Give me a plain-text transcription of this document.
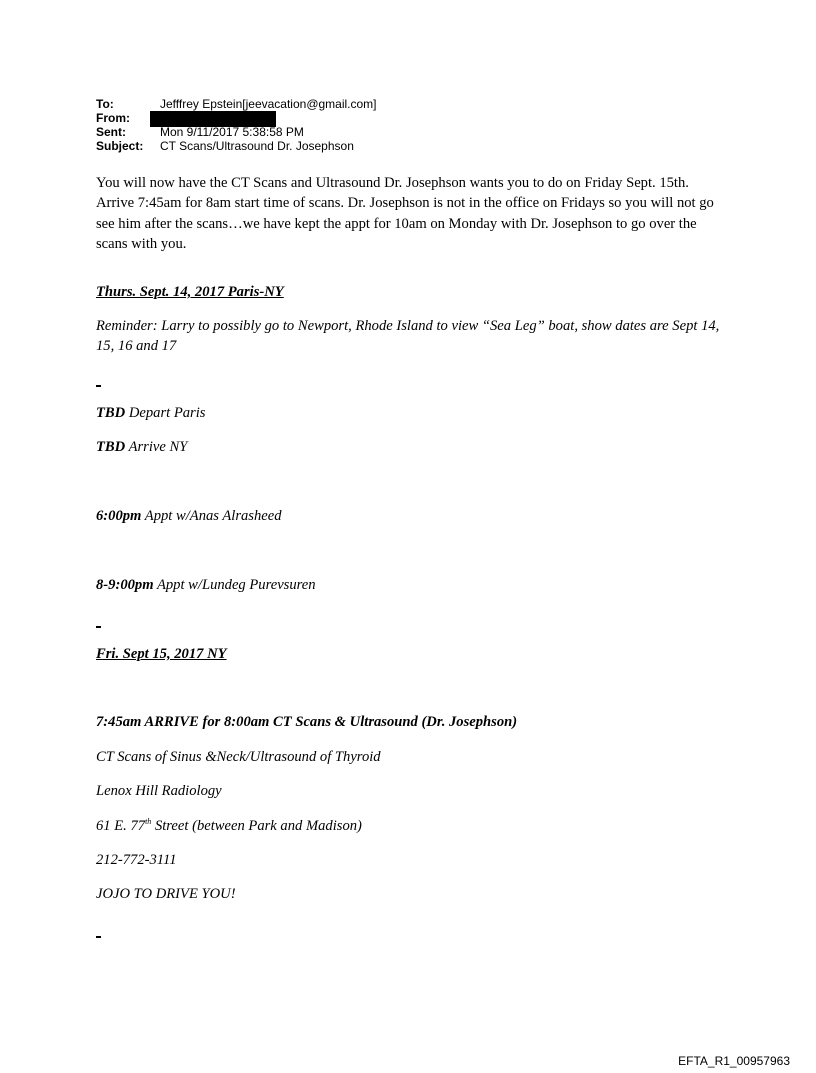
To:	Jefffrey Epstein[jeevacation@gmail.com]
From:
Sent:	Mon 9/11/2017 5:38:58 PM
Subject:	CT Scans/Ultrasound Dr. Josephson
You will now have the CT Scans and Ultrasound Dr. Josephson wants you to do on Friday Sept. 15th. Arrive 7:45am for 8am start time of scans. Dr. Josephson is not in the office on Fridays so you will not go see him after the scans…we have kept the appt for 10am on Monday with Dr. Josephson to go over the scans with you.
Thurs. Sept. 14, 2017 Paris-NY
Reminder: Larry to possibly go to Newport, Rhode Island to view “Sea Leg” boat, show dates are Sept 14, 15, 16 and 17
TBD Depart Paris
TBD Arrive NY
6:00pm Appt w/Anas Alrasheed
8-9:00pm Appt w/Lundeg Purevsuren
Fri. Sept 15, 2017 NY
7:45am ARRIVE for 8:00am CT Scans & Ultrasound (Dr. Josephson)
CT Scans of Sinus &Neck/Ultrasound of Thyroid
Lenox Hill Radiology
61 E. 77th Street (between Park and Madison)
212-772-3111
JOJO TO DRIVE YOU!
EFTA_R1_00957963
